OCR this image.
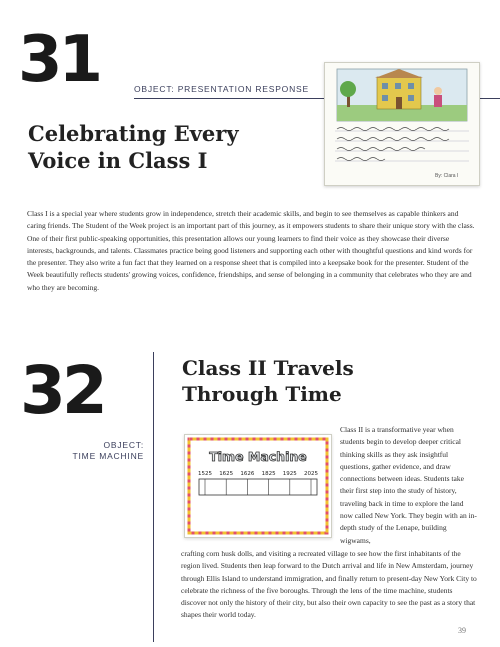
31	OBJECT: PRESENTATION RESPONSE
Celebrating Every
Voice in Class I
Class I is a special year where students grow in independence, stretch their academic skills, and begin to see themselves as capable thinkers and caring friends. The Student of the Week project is an important part of this journey, as it empowers students to share their unique story with the class. One of their first public-speaking opportunities, this presentation allows our young learners to find their voice as they showcase their diverse interests, backgrounds, and talents. Classmates practice being good listeners and supporting each other with thoughtful questions and kind words for the presenter. They also write a fun fact that they learned on a response sheet that is compiled into a keepsake book for the presenter. Student of the Week beautifully reflects students' growing voices, confidence, friendships, and sense of belonging in a community that celebrates who they are and who they are becoming.
By: Clara I
32
OBJECT:
TIME MACHINE
Class II Travels
Through Time
Time Machine
1525 1625 1626 1825 1925 2025
Class II is a transformative year when students begin to develop deeper critical thinking skills as they ask insightful questions, gather evidence, and draw connections between ideas. Students take their first step into the study of history, traveling back in time to explore the land now called New York. They begin with an in-depth study of the Lenape, building wigwams,
crafting corn husk dolls, and visiting a recreated village to see how the first inhabitants of the region lived. Students then leap forward to the Dutch arrival and life in New Amsterdam, journey through Ellis Island to understand immigration, and finally return to present-day New York City to celebrate the richness of the five boroughs. Through the lens of the time machine, students discover not only the history of their city, but also their own capacity to see the past as a story that shapes their world today.
39
